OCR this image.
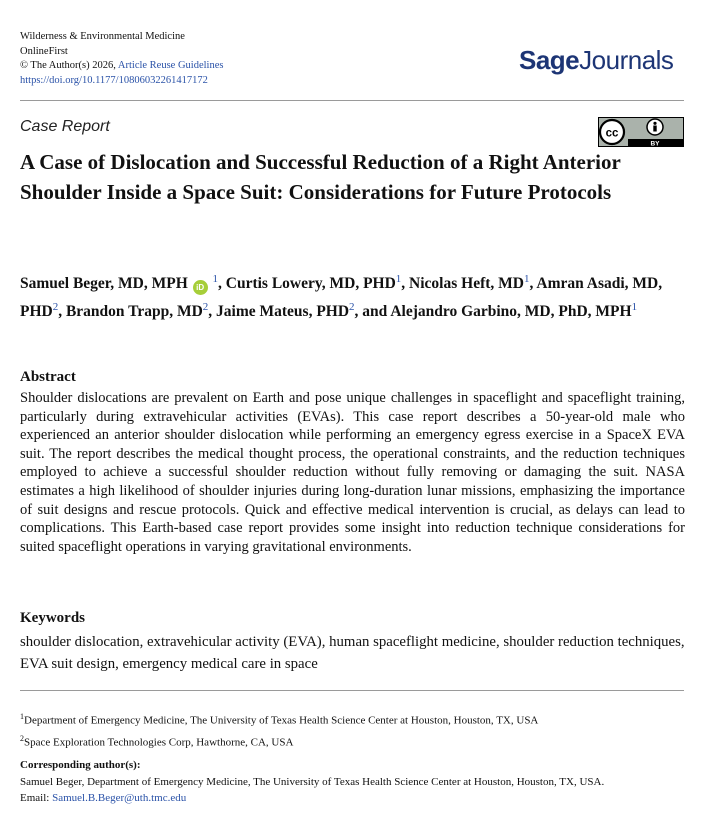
Wilderness & Environmental Medicine
OnlineFirst
© The Author(s) 2026, Article Reuse Guidelines
https://doi.org/10.1177/10806032261417172
SageJournals
Case Report	cc
BY
A Case of Dislocation and Successful Reduction of a Right Anterior Shoulder Inside a Space Suit: Considerations for Future Protocols
Samuel Beger, MD, MPH iD $^1$, Curtis Lowery, MD, PHD$^1$, Nicolas Heft, $MD^1$, Amran Asadi, MD, PHD$^2$, Brandon Trapp, $MD^2$, Jaime Mateus, PHD$^2$, and Alejandro Garbino, MD, PhD, MPH$^1$
Abstract

Shoulder dislocations are prevalent on Earth and pose unique challenges in spaceflight and spaceflight training, particularly during extravehicular activities (EVAs). This case report describes a 50-year-old male who experienced an anterior shoulder dislocation while performing an emergency egress exercise in a SpaceX EVA suit. The report describes the medical thought process, the operational constraints, and the reduction techniques employed to achieve a successful shoulder reduction without fully removing or damaging the suit. NASA estimates a high likelihood of shoulder injuries during long-duration lunar missions, emphasizing the importance of suit designs and rescue protocols. Quick and effective medical intervention is crucial, as delays can lead to complications. This Earth-based case report provides some insight into reduction technique considerations for suited spaceflight operations in varying gravitational environments.

Keywords

shoulder dislocation, extravehicular activity (EVA), human spaceflight medicine, shoulder reduction techniques, EVA suit design, emergency medical care in space

$^1$Department of Emergency Medicine, The University of Texas Health Science Center at Houston, Houston, TX, USA
$^2$Space Exploration Technologies Corp, Hawthorne, CA, USA
Corresponding author(s):
Samuel Beger, Department of Emergency Medicine, The University of Texas Health Science Center at Houston, Houston, TX, USA.
Email: Samuel.B.Beger@uth.tmc.edu
